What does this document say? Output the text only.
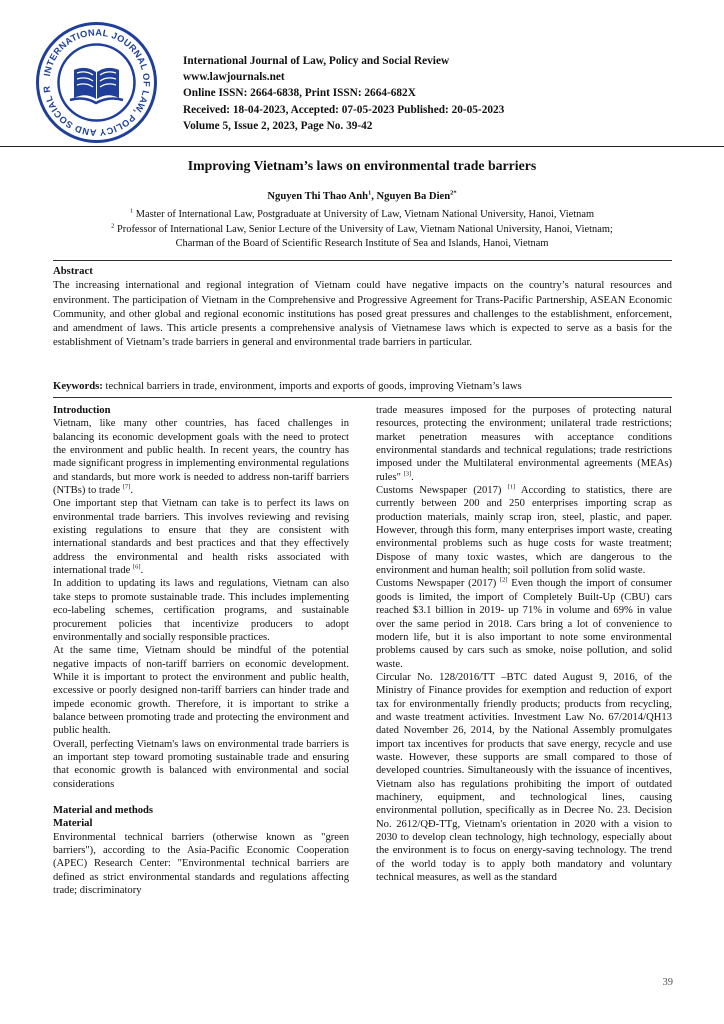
INTERNATIONAL JOURNAL OF LAW, POLICY AND SOCIAL R
International Journal of Law, Policy and Social Review
www.lawjournals.net
Online ISSN: 2664-6838, Print ISSN: 2664-682X
Received: 18-04-2023, Accepted: 07-05-2023 Published: 20-05-2023
Volume 5, Issue 2, 2023, Page No. 39-42
Improving Vietnam’s laws on environmental trade barriers
Nguyen Thi Thao Anh$^1$, Nguyen Ba Dien$^{2*}$
$^1$ Master of International Law, Postgraduate at University of Law, Vietnam National University, Hanoi, Vietnam
$^2$ Professor of International Law, Senior Lecture of the University of Law, Vietnam National University, Hanoi, Vietnam;
Charman of the Board of Scientific Research Institute of Sea and Islands, Hanoi, Vietnam
Abstract

The increasing international and regional integration of Vietnam could have negative impacts on the country’s natural resources and environment. The participation of Vietnam in the Comprehensive and Progressive Agreement for Trans-Pacific Partnership, ASEAN Economic Community, and other global and regional economic institutions has posed great pressures and challenges to the establishment, enforcement, and amendment of laws. This article presents a comprehensive analysis of Vietnamese laws which is expected to serve as a basis for the establishment of Vietnam’s trade barriers in general and environmental trade barriers in particular.

Keywords: technical barriers in trade, environment, imports and exports of goods, improving Vietnam’s laws
Introduction

Vietnam, like many other countries, has faced challenges in balancing its economic development goals with the need to protect the environment and public health. In recent years, the country has made significant progress in implementing environmental regulations and standards, but more work is needed to address non-tariff barriers (NTBs) to trade [7].

One important step that Vietnam can take is to perfect its laws on environmental trade barriers. This involves reviewing and revising existing regulations to ensure that they are consistent with international standards and best practices and that they effectively address the environmental and health risks associated with international trade [6].

In addition to updating its laws and regulations, Vietnam can also take steps to promote sustainable trade. This includes implementing eco-labeling schemes, certification programs, and sustainable procurement policies that incentivize producers to adopt environmentally and socially responsible practices.

At the same time, Vietnam should be mindful of the potential negative impacts of non-tariff barriers on economic development. While it is important to protect the environment and public health, excessive or poorly designed non-tariff barriers can hinder trade and impede economic growth. Therefore, it is important to strike a balance between promoting trade and protecting the environment and public health.

Overall, perfecting Vietnam's laws on environmental trade barriers is an important step toward promoting sustainable trade and ensuring that economic growth is balanced with environmental and social considerations

Material and methods
Material

Environmental technical barriers (otherwise known as "green barriers"), according to the Asia-Pacific Economic Cooperation (APEC) Research Center: "Environmental technical barriers are defined as strict environmental standards and regulations affecting trade; discriminatory

trade measures imposed for the purposes of protecting natural resources, protecting the environment; unilateral trade restrictions; market penetration measures with acceptance conditions environmental standards and technical regulations; trade restrictions imposed under the Multilateral environmental agreements (MEAs) rules" [3].

Customs Newspaper (2017) [1] According to statistics, there are currently between 200 and 250 enterprises importing scrap as production materials, mainly scrap iron, steel, plastic, and paper. However, through this form, many enterprises import waste, creating environmental problems such as huge costs for waste treatment; Dispose of many toxic wastes, which are dangerous to the environment and human health; soil pollution from solid waste.

Customs Newspaper (2017) [2] Even though the import of consumer goods is limited, the import of Completely Built-Up (CBU) cars reached $3.1 billion in 2019- up 71% in volume and 69% in value over the same period in 2018. Cars bring a lot of convenience to modern life, but it is also important to note some environmental problems caused by cars such as smoke, noise pollution, and solid waste.

Circular No. 128/2016/TT –BTC dated August 9, 2016, of the Ministry of Finance provides for exemption and reduction of export tax for environmentally friendly products; products from recycling, and waste treatment activities. Investment Law No. 67/2014/QH13 dated November 26, 2014, by the National Assembly promulgates import tax incentives for products that save energy, recycle and use waste. However, these supports are small compared to those of developed countries. Simultaneously with the issuance of incentives, Vietnam also has regulations prohibiting the import of outdated machinery, equipment, and technological lines, causing environmental pollution, specifically as in Decree No. 23. Decision No. 2612/QĐ-TTg, Vietnam's orientation in 2020 with a vision to 2030 to develop clean technology, high technology, especially about the environment is to focus on energy-saving technology. The trend of the world today is to apply both mandatory and voluntary technical measures, as well as the standard

39
